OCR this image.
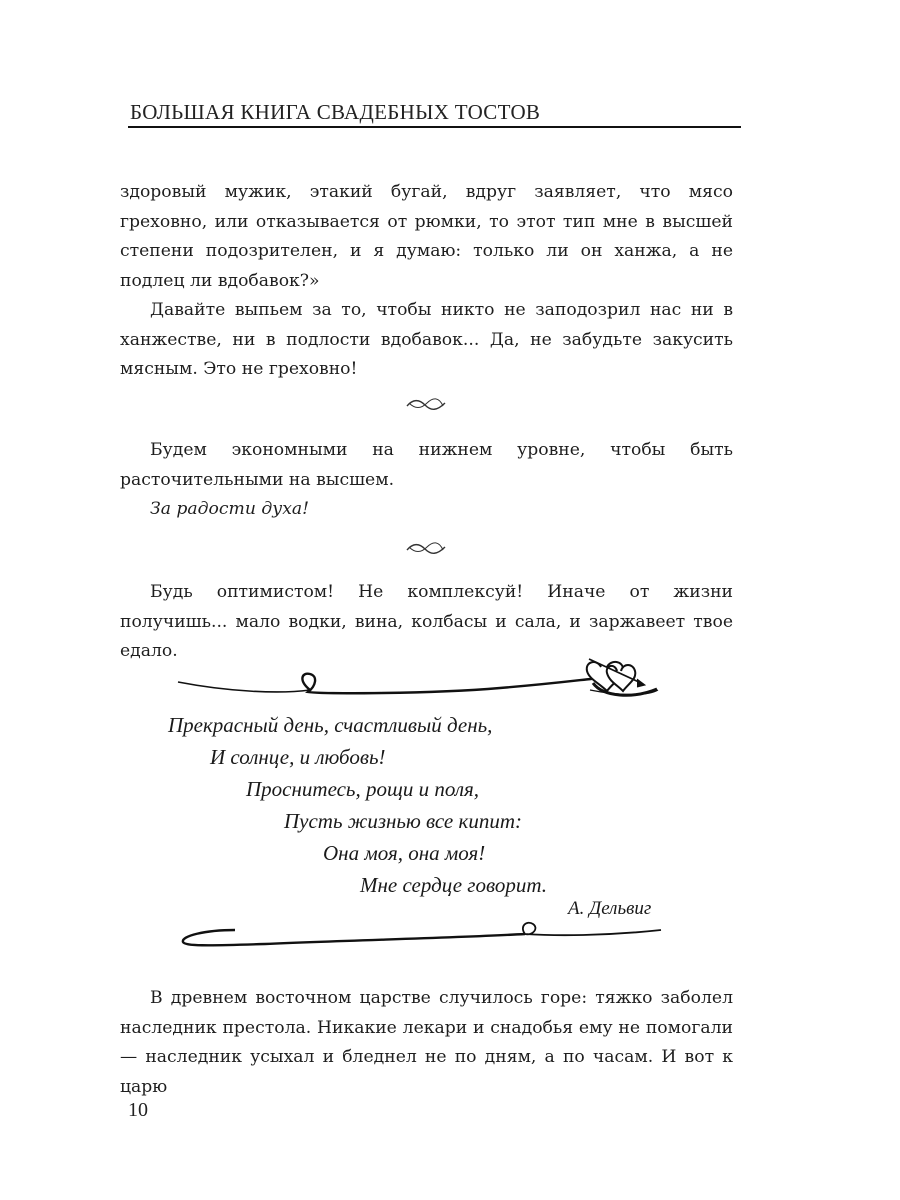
БОЛЬШАЯ КНИГА СВАДЕБНЫХ ТОСТОВ

здоровый мужик, этакий бугай, вдруг заявляет, что мясо греховно, или отказывается от рюмки, то этот тип мне в высшей степени подозрителен, и я думаю: только ли он ханжа, а не подлец ли вдобавок?»

Давайте выпьем за то, чтобы никто не заподозрил нас ни в ханжестве, ни в подлости вдобавок... Да, не забудьте закусить мясным. Это не греховно!

Будем экономными на нижнем уровне, чтобы быть расточительными на высшем.

За радости духа!

Будь оптимистом! Не комплексуй! Иначе от жизни получишь... мало водки, вина, колбасы и сала, и заржавеет твое едало.

Прекрасный день, счастливый день,
И солнце, и любовь!
Проснитесь, рощи и поля,
Пусть жизнью все кипит:
Она моя, она моя!
Мне сердце говорит.
А. Дельвиг

В древнем восточном царстве случилось горе: тяжко заболел наследник престола. Никакие лекари и снадобья ему не помогали — наследник усыхал и бледнел не по дням, а по часам. И вот к царю

10
